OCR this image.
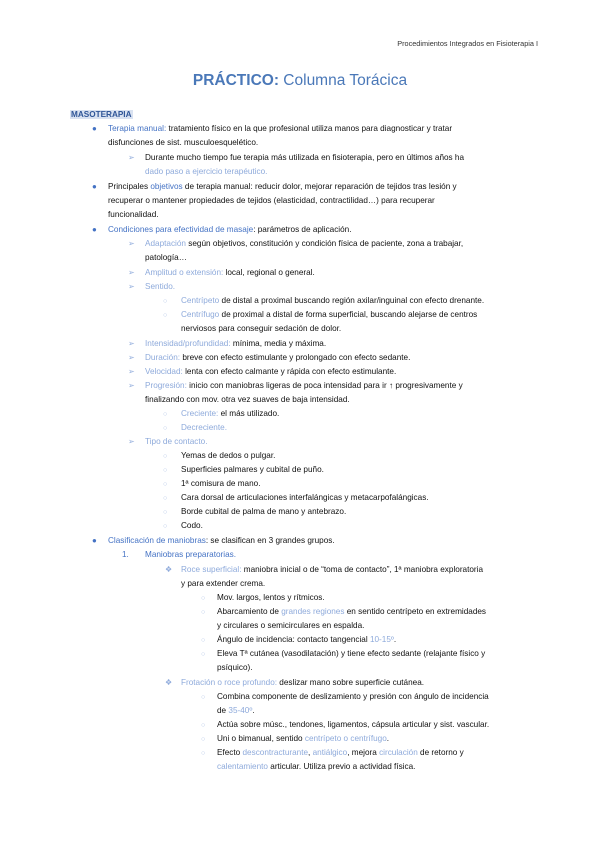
Procedimientos Integrados en Fisioterapia I
PRÁCTICO: Columna Torácica
MASOTERAPIA
● Terapia manual: tratamiento físico en la que profesional utiliza manos para diagnosticar y tratar
disfunciones de sist. musculoesquelético.
➢ Durante mucho tiempo fue terapia más utilizada en fisioterapia, pero en últimos años ha
dado paso a ejercicio terapéutico.
● Principales objetivos de terapia manual: reducir dolor, mejorar reparación de tejidos tras lesión y
recuperar o mantener propiedades de tejidos (elasticidad, contractilidad…) para recuperar
funcionalidad.
● Condiciones para efectividad de masaje: parámetros de aplicación.
➢ Adaptación según objetivos, constitución y condición física de paciente, zona a trabajar,
patología…
➢ Amplitud o extensión: local, regional o general.
➢ Sentido.
○ Centrípeto de distal a proximal buscando región axilar/inguinal con efecto drenante.
○ Centrífugo de proximal a distal de forma superficial, buscando alejarse de centros
nerviosos para conseguir sedación de dolor.
➢ Intensidad/profundidad: mínima, media y máxima.
➢ Duración: breve con efecto estimulante y prolongado con efecto sedante.
➢ Velocidad: lenta con efecto calmante y rápida con efecto estimulante.
➢ Progresión: inicio con maniobras ligeras de poca intensidad para ir ↑ progresivamente y
finalizando con mov. otra vez suaves de baja intensidad.
○ Creciente: el más utilizado.
○ Decreciente.
➢ Tipo de contacto.
○ Yemas de dedos o pulgar.
○ Superficies palmares y cubital de puño.
○ 1ª comisura de mano.
○ Cara dorsal de articulaciones interfalángicas y metacarpofalángicas.
○ Borde cubital de palma de mano y antebrazo.
○ Codo.
● Clasificación de maniobras: se clasifican en 3 grandes grupos.
1. Maniobras preparatorias.
❖ Roce superficial: maniobra inicial o de “toma de contacto”, 1ª maniobra exploratoria
y para extender crema.
○ Mov. largos, lentos y rítmicos.
○ Abarcamiento de grandes regiones en sentido centrípeto en extremidades
y circulares o semicirculares en espalda.
○ Ángulo de incidencia: contacto tangencial 10-15º.
○ Eleva Tª cutánea (vasodilatación) y tiene efecto sedante (relajante físico y
psíquico).
❖ Frotación o roce profundo: deslizar mano sobre superficie cutánea.
○ Combina componente de deslizamiento y presión con ángulo de incidencia
de 35-40º.
○ Actúa sobre músc., tendones, ligamentos, cápsula articular y sist. vascular.
○ Uni o bimanual, sentido centrípeto o centrífugo.
○ Efecto descontracturante, antiálgico, mejora circulación de retorno y
calentamiento articular. Utiliza previo a actividad física.
